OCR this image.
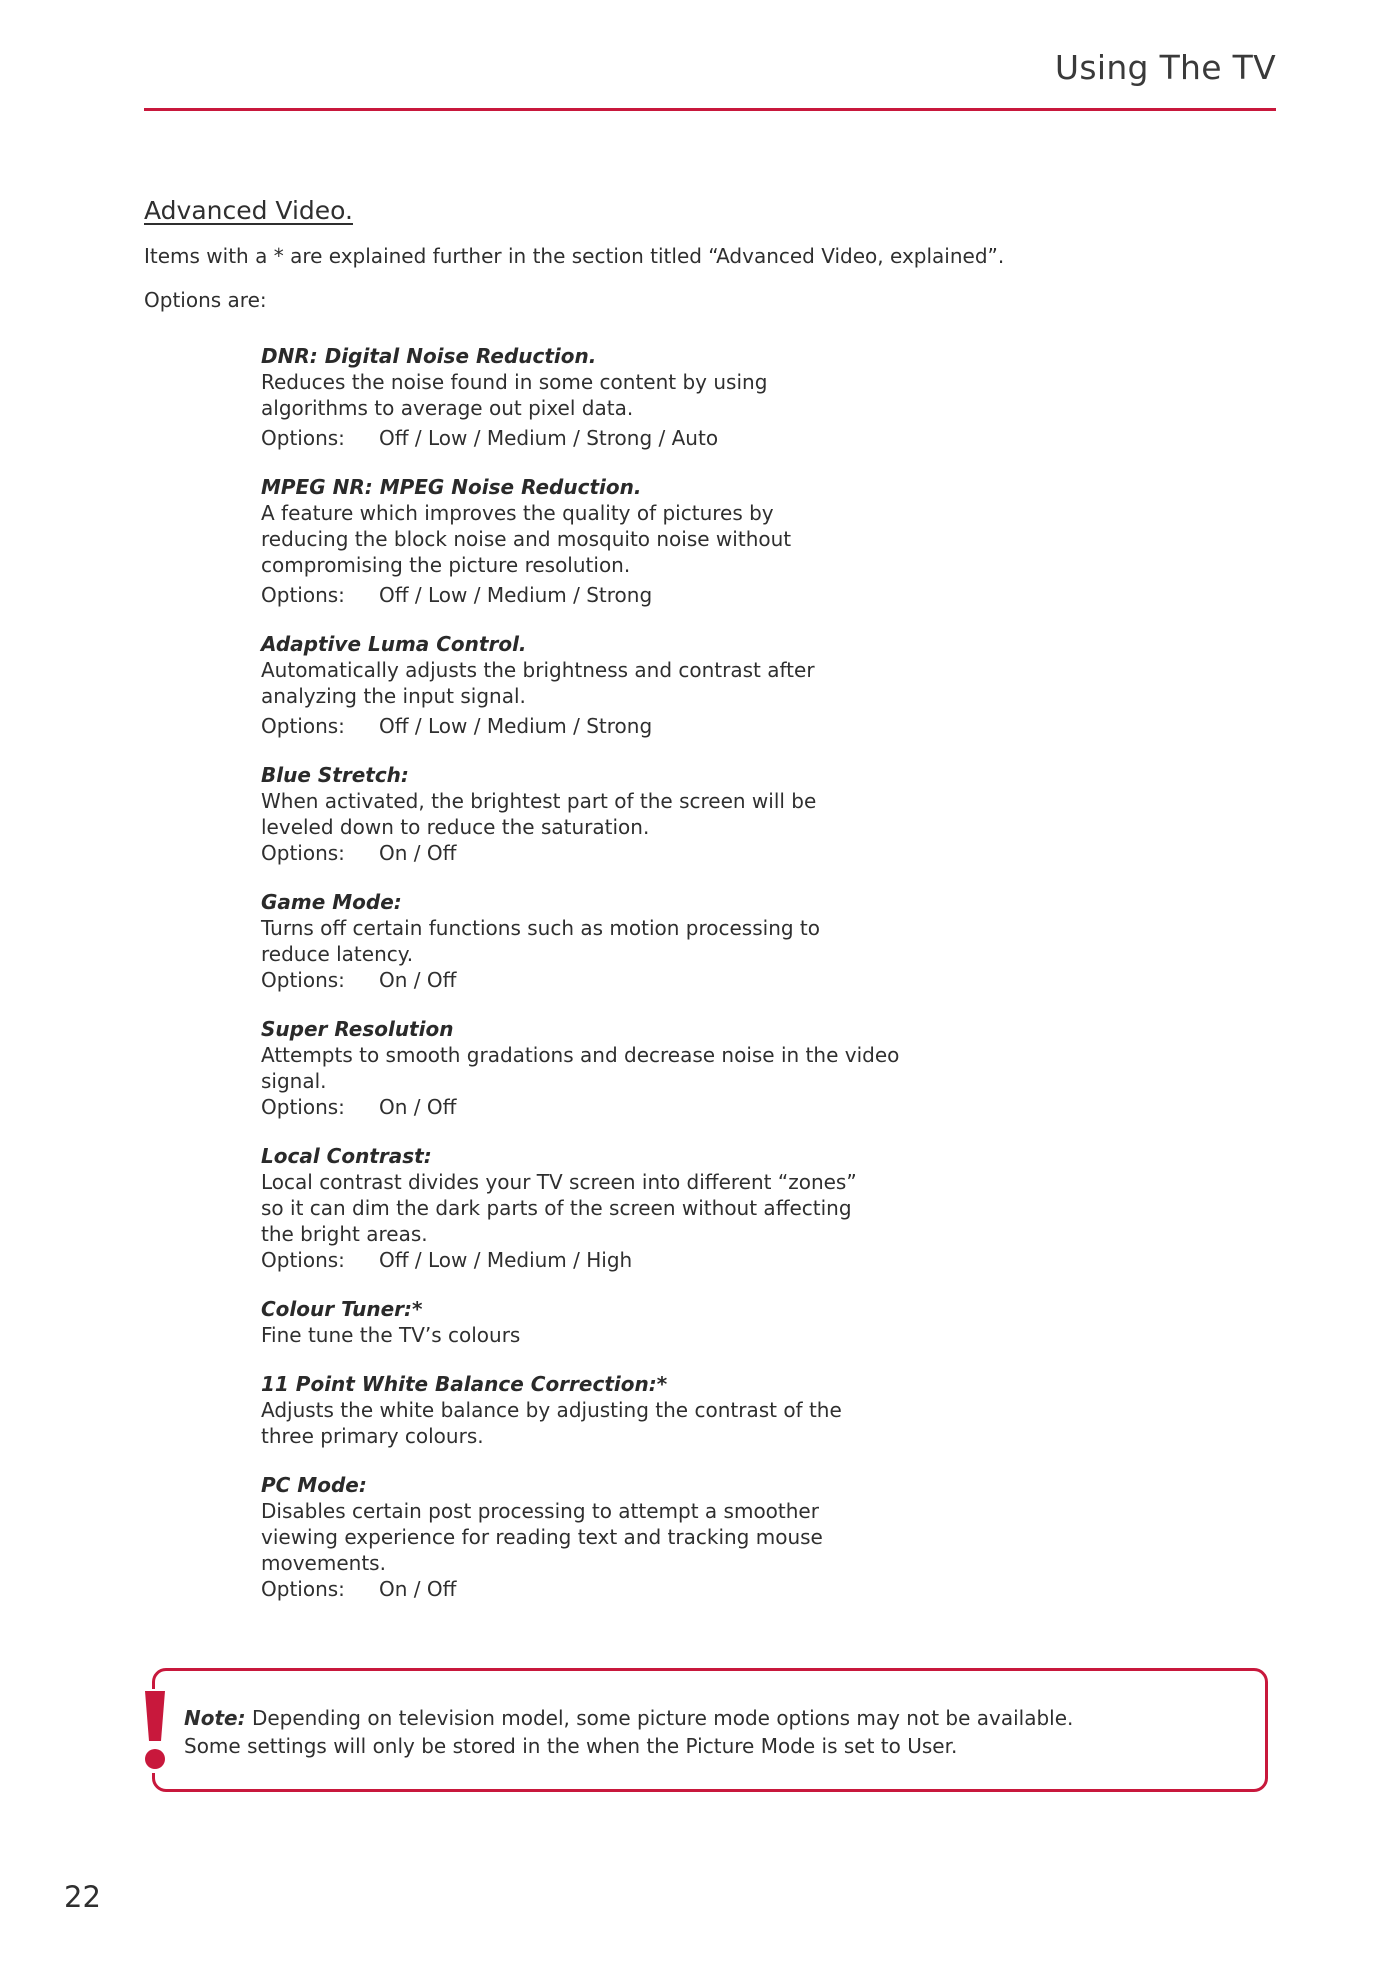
Using The TV
Advanced Video.
Items with a * are explained further in the section titled “Advanced Video, explained”.
Options are:
DNR: Digital Noise Reduction.
Reduces the noise found in some content by using
algorithms to average out pixel data.
Options:	Off / Low / Medium / Strong / Auto
MPEG NR: MPEG Noise Reduction.
A feature which improves the quality of pictures by
reducing the block noise and mosquito noise without
compromising the picture resolution.
Options:	Off / Low / Medium / Strong
Adaptive Luma Control.
Automatically adjusts the brightness and contrast after
analyzing the input signal.
Options:	Off / Low / Medium / Strong
Blue Stretch:
When activated, the brightest part of the screen will be
leveled down to reduce the saturation.
Options:	On / Off
Game Mode:
Turns off certain functions such as motion processing to
reduce latency.
Options:	On / Off
Super Resolution
Attempts to smooth gradations and decrease noise in the video
signal.
Options:	On / Off
Local Contrast:
Local contrast divides your TV screen into different “zones”
so it can dim the dark parts of the screen without affecting
the bright areas.
Options:	Off / Low / Medium / High
Colour Tuner:*
Fine tune the TV’s colours
11 Point White Balance Correction:*
Adjusts the white balance by adjusting the contrast of the
three primary colours.
PC Mode:
Disables certain post processing to attempt a smoother
viewing experience for reading text and tracking mouse
movements.
Options:	On / Off
Note: Depending on television model, some picture mode options may not be available.
Some settings will only be stored in the when the Picture Mode is set to User.
22
